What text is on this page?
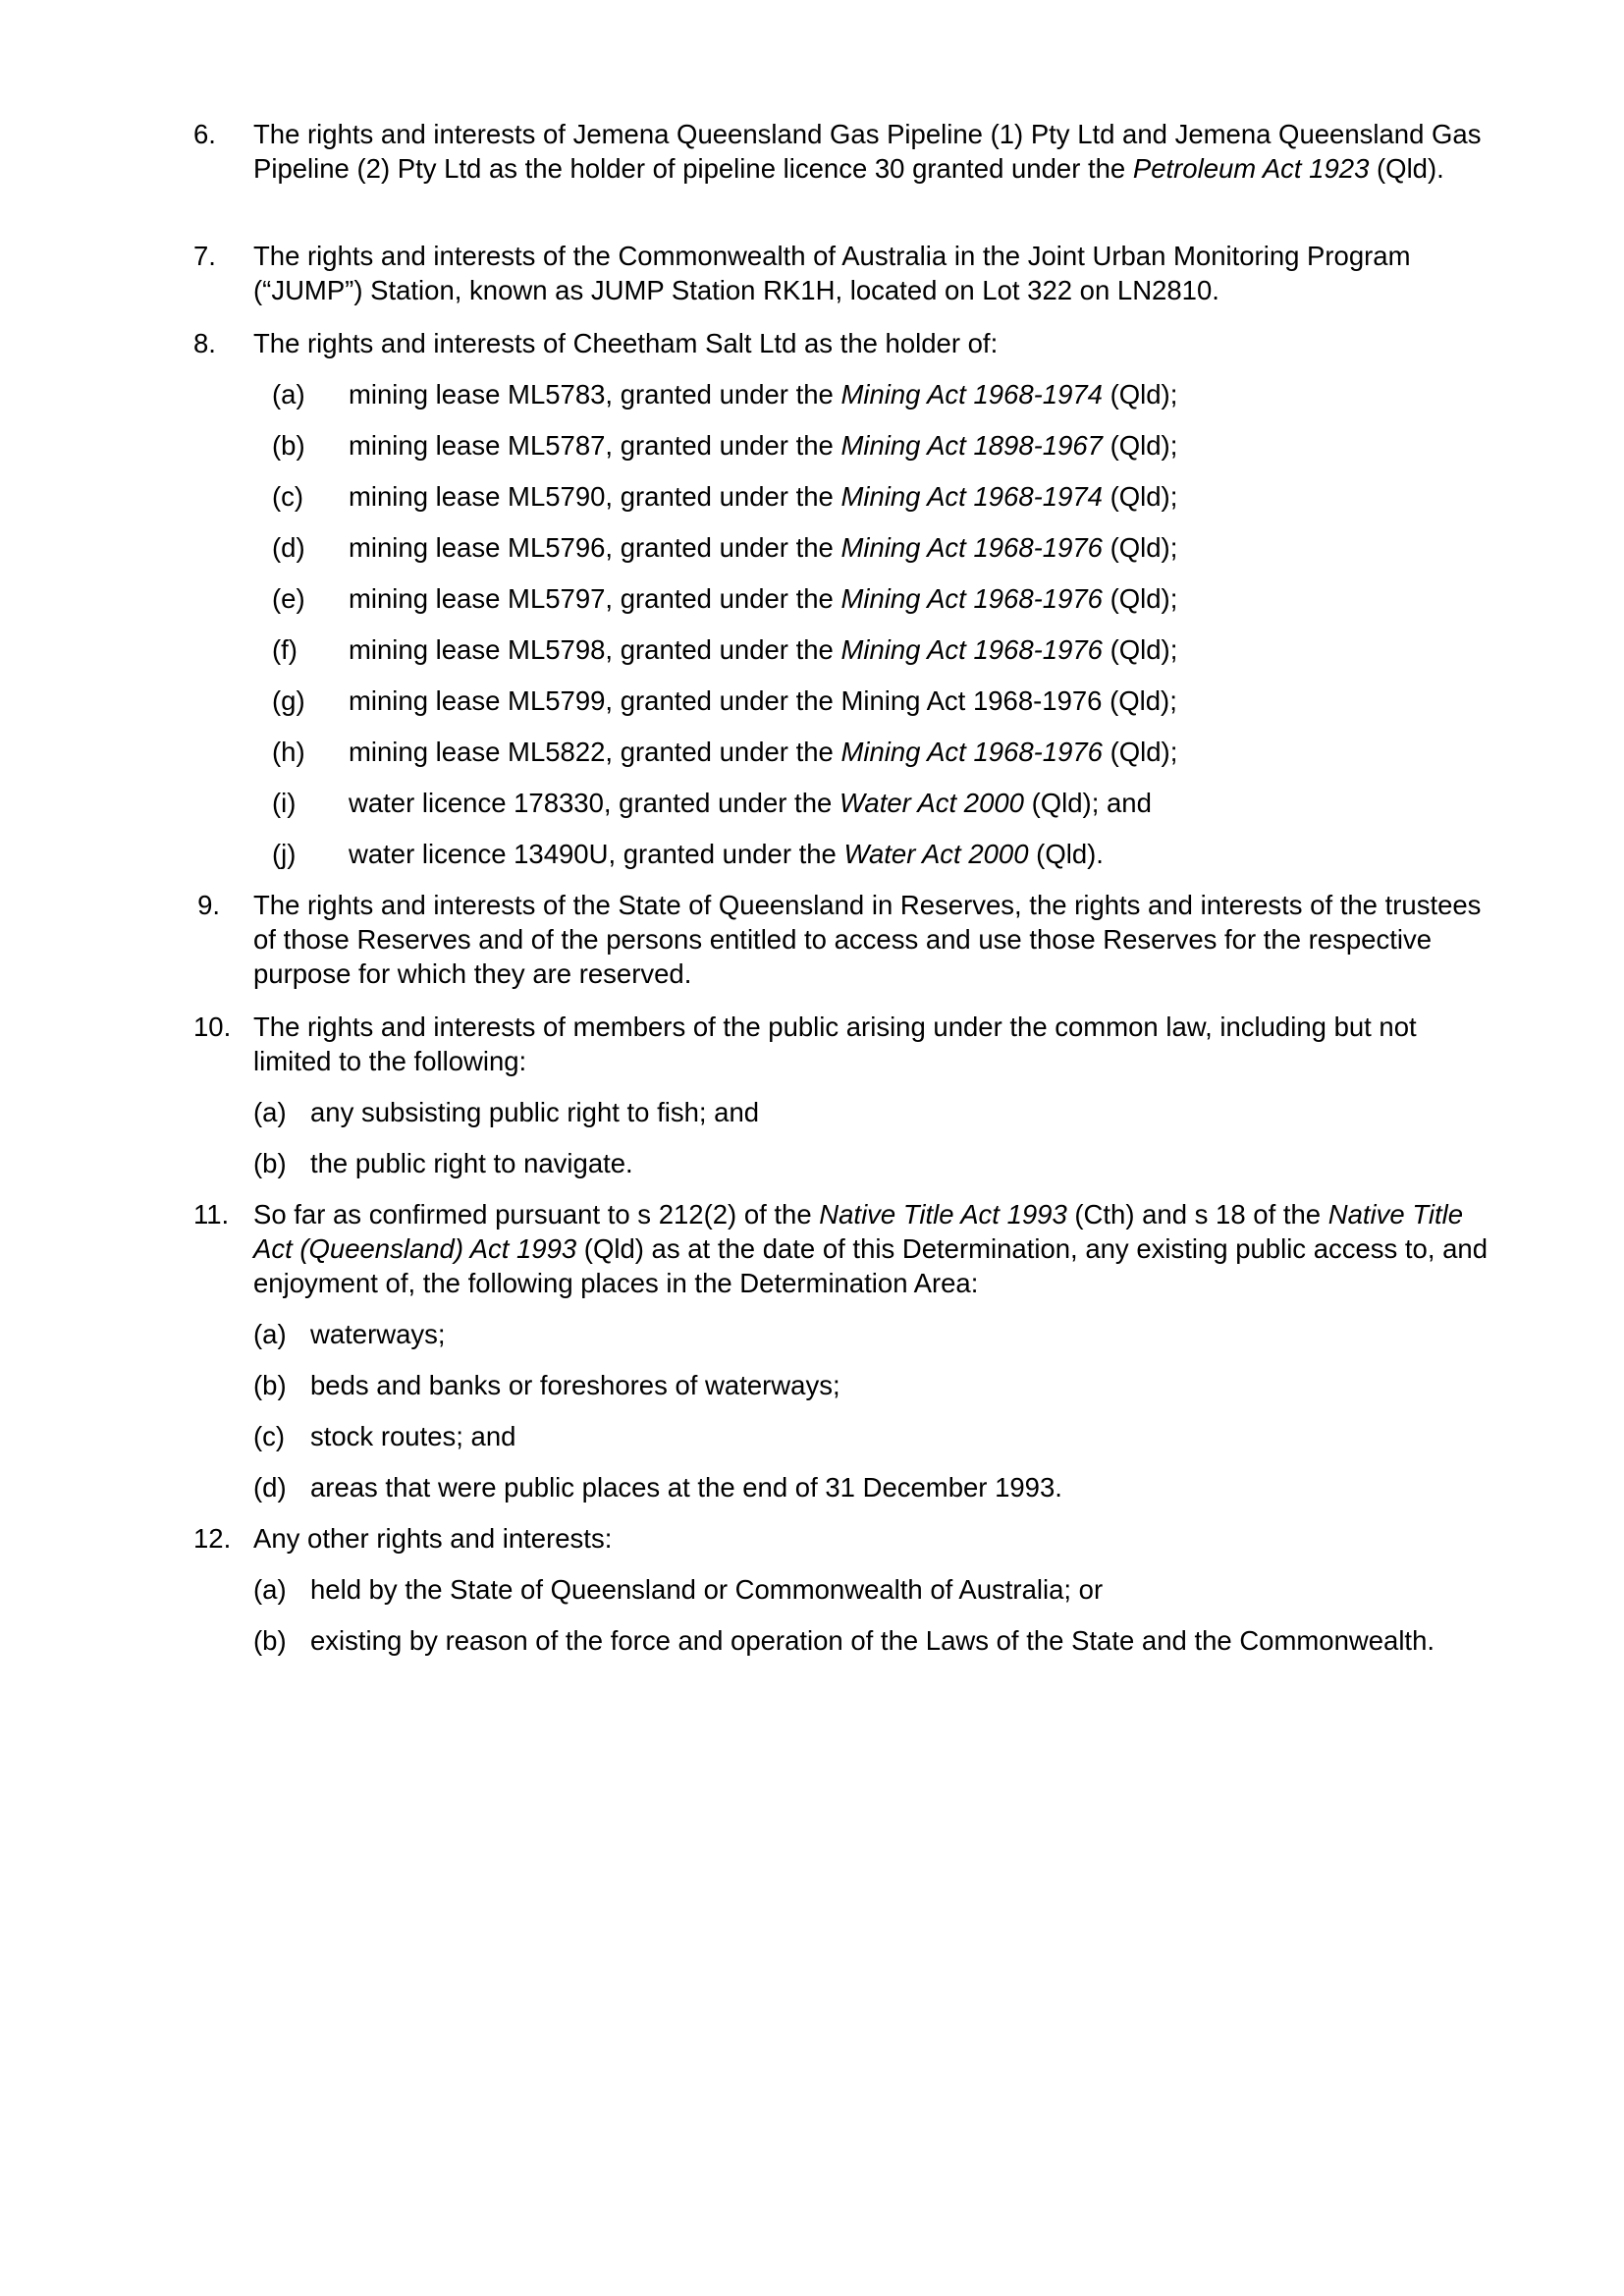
6. The rights and interests of Jemena Queensland Gas Pipeline (1) Pty Ltd and Jemena Queensland Gas Pipeline (2) Pty Ltd as the holder of pipeline licence 30 granted under the Petroleum Act 1923 (Qld).
7. The rights and interests of the Commonwealth of Australia in the Joint Urban Monitoring Program (“JUMP”) Station, known as JUMP Station RK1H, located on Lot 322 on LN2810.
8. The rights and interests of Cheetham Salt Ltd as the holder of:
(a) mining lease ML5783, granted under the Mining Act 1968-1974 (Qld);
(b) mining lease ML5787, granted under the Mining Act 1898-1967 (Qld);
(c) mining lease ML5790, granted under the Mining Act 1968-1974 (Qld);
(d) mining lease ML5796, granted under the Mining Act 1968-1976 (Qld);
(e) mining lease ML5797, granted under the Mining Act 1968-1976 (Qld);
(f) mining lease ML5798, granted under the Mining Act 1968-1976 (Qld);
(g) mining lease ML5799, granted under the Mining Act 1968-1976 (Qld);
(h) mining lease ML5822, granted under the Mining Act 1968-1976 (Qld);
(i) water licence 178330, granted under the Water Act 2000 (Qld); and
(j) water licence 13490U, granted under the Water Act 2000 (Qld).
9. The rights and interests of the State of Queensland in Reserves, the rights and interests of the trustees of those Reserves and of the persons entitled to access and use those Reserves for the respective purpose for which they are reserved.
10. The rights and interests of members of the public arising under the common law, including but not limited to the following:
(a) any subsisting public right to fish; and
(b) the public right to navigate.
11. So far as confirmed pursuant to s 212(2) of the Native Title Act 1993 (Cth) and s 18 of the Native Title Act (Queensland) Act 1993 (Qld) as at the date of this Determination, any existing public access to, and enjoyment of, the following places in the Determination Area:
(a) waterways;
(b) beds and banks or foreshores of waterways;
(c) stock routes; and
(d) areas that were public places at the end of 31 December 1993.
12. Any other rights and interests:
(a) held by the State of Queensland or Commonwealth of Australia; or
(b) existing by reason of the force and operation of the Laws of the State and the Commonwealth.
